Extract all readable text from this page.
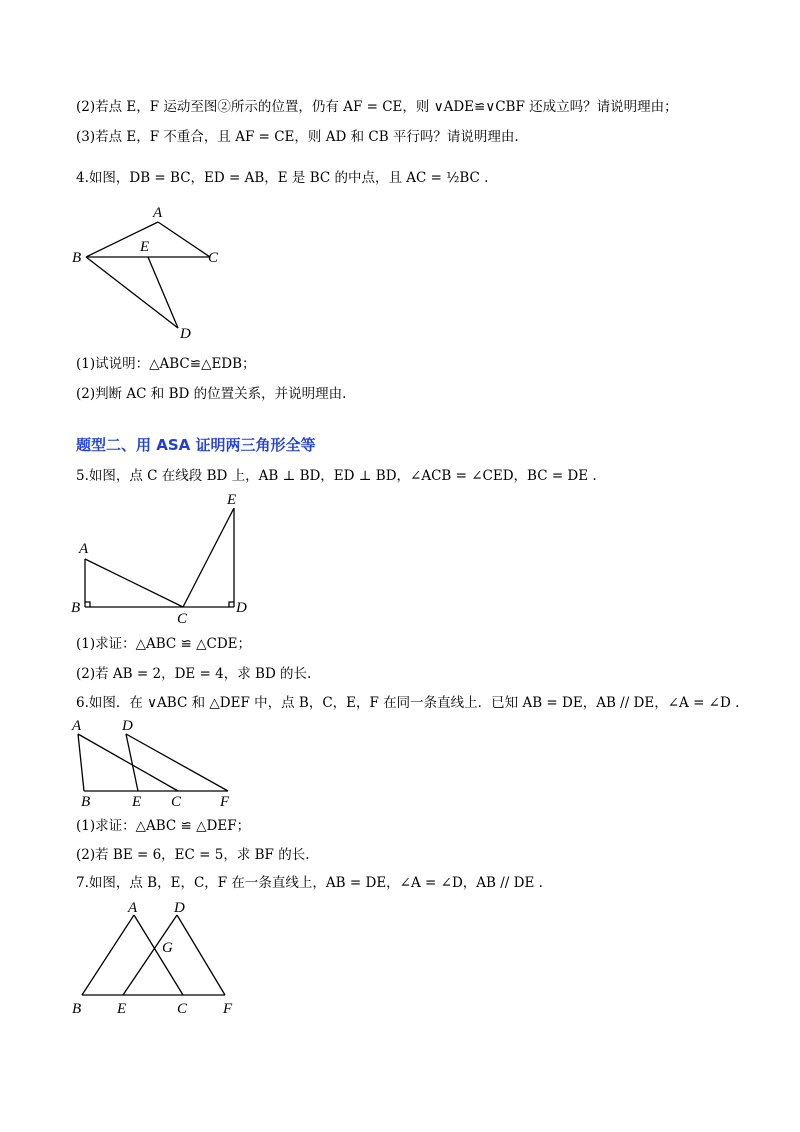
(2)若点 E，F 运动至图②所示的位置，仍有 AF = CE，则 ∨ADE≌∨CBF 还成立吗？请说明理由；
(3)若点 E，F 不重合，且 AF = CE，则 AD 和 CB 平行吗？请说明理由.
4.如图，DB = BC，ED = AB，E 是 BC 的中点，且 AC = ½BC .
A
B
E
C
D
(1)试说明：△ABC≌△EDB；
(2)判断 AC 和 BD 的位置关系，并说明理由.
题型二、用 ASA 证明两三角形全等
5.如图，点 C 在线段 BD 上，AB ⊥ BD，ED ⊥ BD，∠ACB = ∠CED，BC = DE .
A
B
C
D
E
(1)求证：△ABC ≌ △CDE；
(2)若 AB = 2，DE = 4，求 BD 的长.
6.如图．在 ∨ABC 和 △DEF 中，点 B，C，E，F 在同一条直线上．已知 AB = DE，AB // DE，∠A = ∠D .
A	D
B	E C	F
(1)求证：△ABC ≌ △DEF；
(2)若 BE = 6，EC = 5，求 BF 的长.
7.如图，点 B，E，C，F 在一条直线上，AB = DE，∠A = ∠D，AB // DE .
A D
G
B E	C F
